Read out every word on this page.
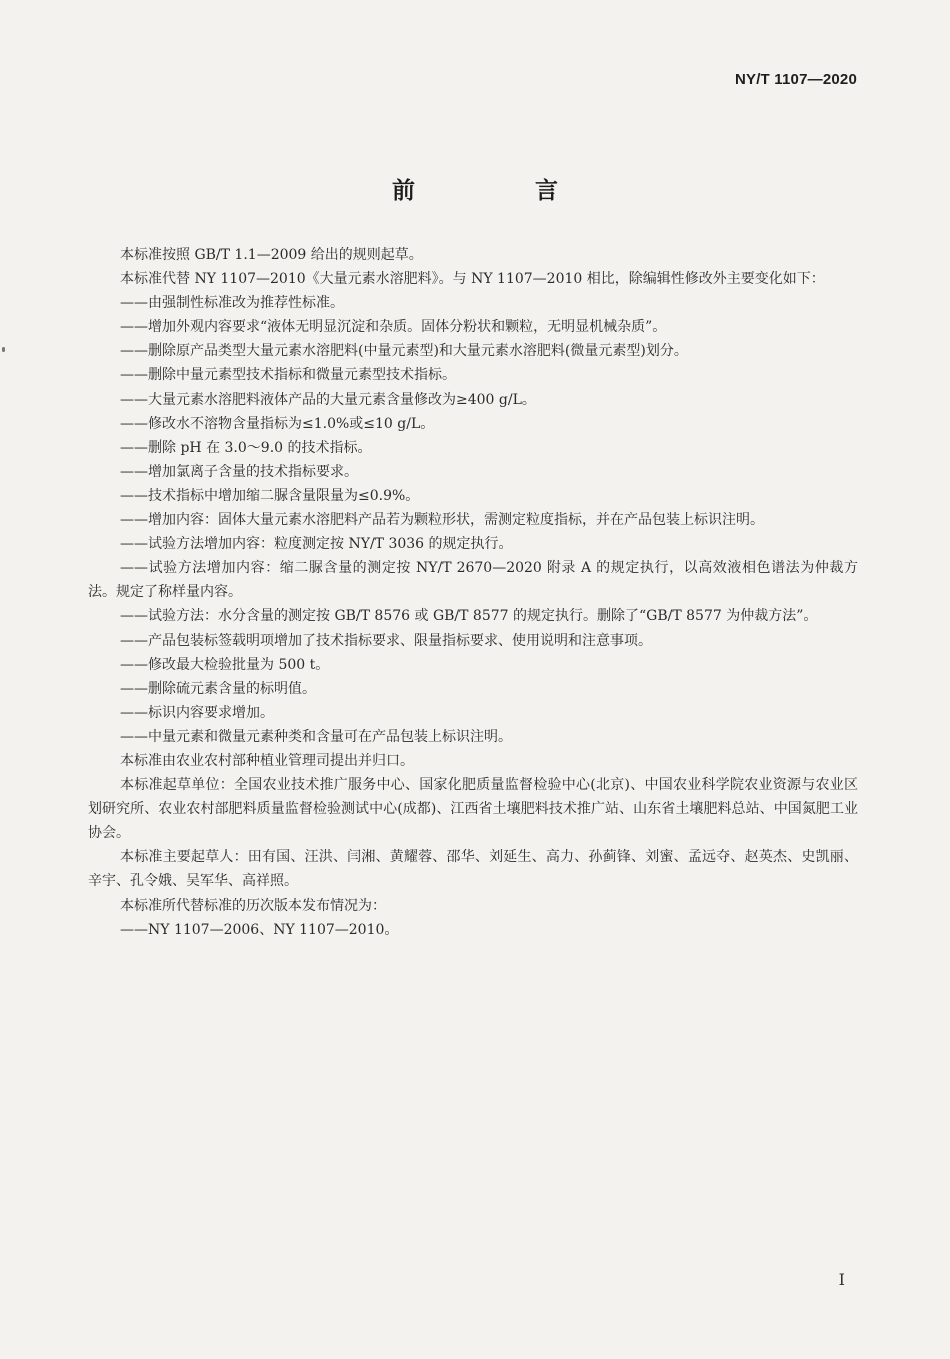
NY/T 1107—2020
前 言

本标准按照 GB/T 1.1—2009 给出的规则起草。

本标准代替 NY 1107—2010《大量元素水溶肥料》。与 NY 1107—2010 相比，除编辑性修改外主要变化如下：

——由强制性标准改为推荐性标准。

——增加外观内容要求“液体无明显沉淀和杂质。固体分粉状和颗粒，无明显机械杂质”。

——删除原产品类型大量元素水溶肥料(中量元素型)和大量元素水溶肥料(微量元素型)划分。

——删除中量元素型技术指标和微量元素型技术指标。

——大量元素水溶肥料液体产品的大量元素含量修改为≥400 g/L。

——修改水不溶物含量指标为≤1.0%或≤10 g/L。

——删除 pH 在 3.0～9.0 的技术指标。

——增加氯离子含量的技术指标要求。

——技术指标中增加缩二脲含量限量为≤0.9%。

——增加内容：固体大量元素水溶肥料产品若为颗粒形状，需测定粒度指标，并在产品包装上标识注明。

——试验方法增加内容：粒度测定按 NY/T 3036 的规定执行。

——试验方法增加内容：缩二脲含量的测定按 NY/T 2670—2020 附录 A 的规定执行，以高效液相色谱法为仲裁方法。规定了称样量内容。

——试验方法：水分含量的测定按 GB/T 8576 或 GB/T 8577 的规定执行。删除了“GB/T 8577 为仲裁方法”。

——产品包装标签载明项增加了技术指标要求、限量指标要求、使用说明和注意事项。

——修改最大检验批量为 500 t。

——删除硫元素含量的标明值。

——标识内容要求增加。

——中量元素和微量元素种类和含量可在产品包装上标识注明。

本标准由农业农村部种植业管理司提出并归口。

本标准起草单位：全国农业技术推广服务中心、国家化肥质量监督检验中心(北京)、中国农业科学院农业资源与农业区划研究所、农业农村部肥料质量监督检验测试中心(成都)、江西省土壤肥料技术推广站、山东省土壤肥料总站、中国氮肥工业协会。

本标准主要起草人：田有国、汪洪、闫湘、黄耀蓉、邵华、刘延生、高力、孙蓟锋、刘蜜、孟远夺、赵英杰、史凯丽、辛宇、孔令娥、吴军华、高祥照。

本标准所代替标准的历次版本发布情况为：

——NY 1107—2006、NY 1107—2010。

I
